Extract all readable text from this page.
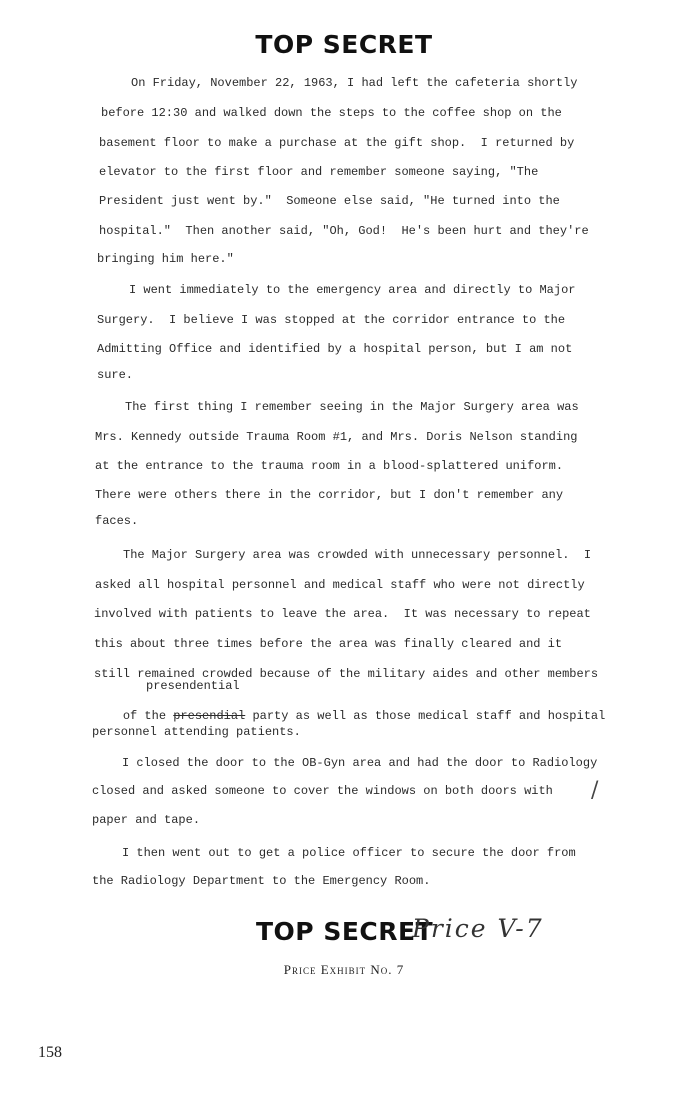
TOP SECRET
On Friday, November 22, 1963, I had left the cafeteria shortly
before 12:30 and walked down the steps to the coffee shop on the
basement floor to make a purchase at the gift shop.  I returned by
elevator to the first floor and remember someone saying, "The
President just went by."  Someone else said, "He turned into the
hospital."  Then another said, "Oh, God!  He's been hurt and they're
bringing him here."
I went immediately to the emergency area and directly to Major
Surgery.  I believe I was stopped at the corridor entrance to the
Admitting Office and identified by a hospital person, but I am not
sure.
The first thing I remember seeing in the Major Surgery area was
Mrs. Kennedy outside Trauma Room #1, and Mrs. Doris Nelson standing
at the entrance to the trauma room in a blood-splattered uniform.
There were others there in the corridor, but I don't remember any
faces.
The Major Surgery area was crowded with unnecessary personnel.  I
asked all hospital personnel and medical staff who were not directly
involved with patients to leave the area.  It was necessary to repeat
this about three times before the area was finally cleared and it
still remained crowded because of the military aides and other members
presendential

of the presendial party as well as those medical staff and hospital

personnel attending patients.
I closed the door to the OB-Gyn area and had the door to Radiology
closed and asked someone to cover the windows on both doors with
paper and tape.
I then went out to get a police officer to secure the door from
the Radiology Department to the Emergency Room.
/
TOP SECRET
Price V-7
Price Exhibit No. 7
158
